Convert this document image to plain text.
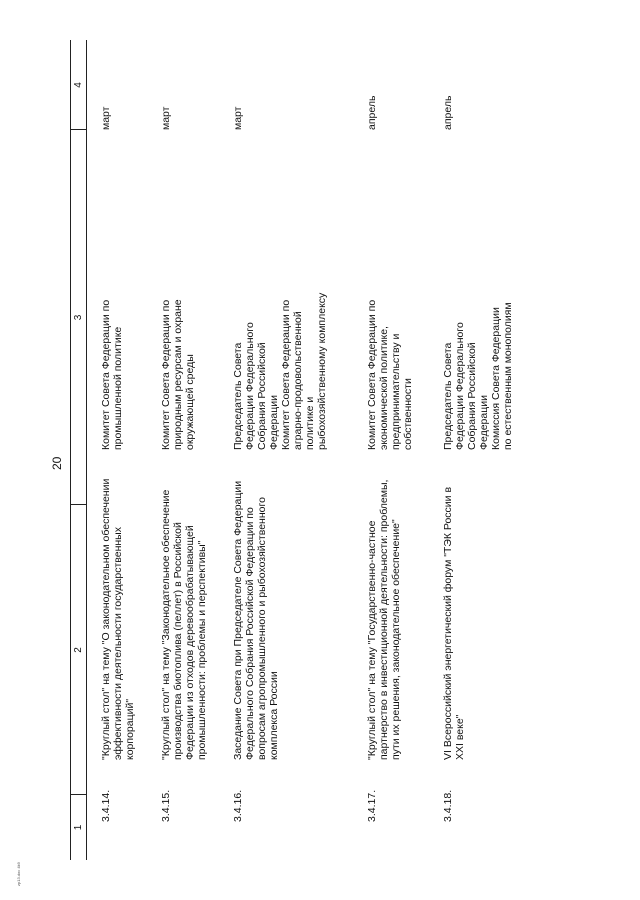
20
1
2
3
4
3.4.14.
"Круглый стол" на тему "О законодательном обеспечении
эффективности деятельности государственных
корпораций"
Комитет Совета Федерации по
промышленной политике
март
3.4.15.
"Круглый стол" на тему "Законодательное обеспечение
производства биотоплива (пеллет) в Российской
Федерации из отходов деревообрабатывающей
промышленности: проблемы и перспективы"
Комитет Совета Федерации по
природным ресурсам и охране
окружающей среды
март
3.4.16.
Заседание Совета при Председателе Совета Федерации
Федерального Собрания Российской Федерации по
вопросам агропромышленного и рыбохозяйственного
комплекса России
Председатель Совета
Федерации Федерального
Собрания Российской
Федерации
Комитет Совета Федерации по
аграрно-продовольственной
политике и
рыбохозяйственному комплексу
март
3.4.17.
"Круглый стол" на тему "Государственно-частное
партнерство в инвестиционной деятельности: проблемы,
пути их решения, законодательное обеспечение"
Комитет Совета Федерации по
экономической политике,
предпринимательству и
собственности
апрель
3.4.18.
VI Всероссийский энергетический форум "ТЭК России в
XXI веке"
Председатель Совета
Федерации Федерального
Собрания Российской
Федерации
Комиссия Совета Федерации
по естественным монополиям
апрель
zp13.doc 4k9
